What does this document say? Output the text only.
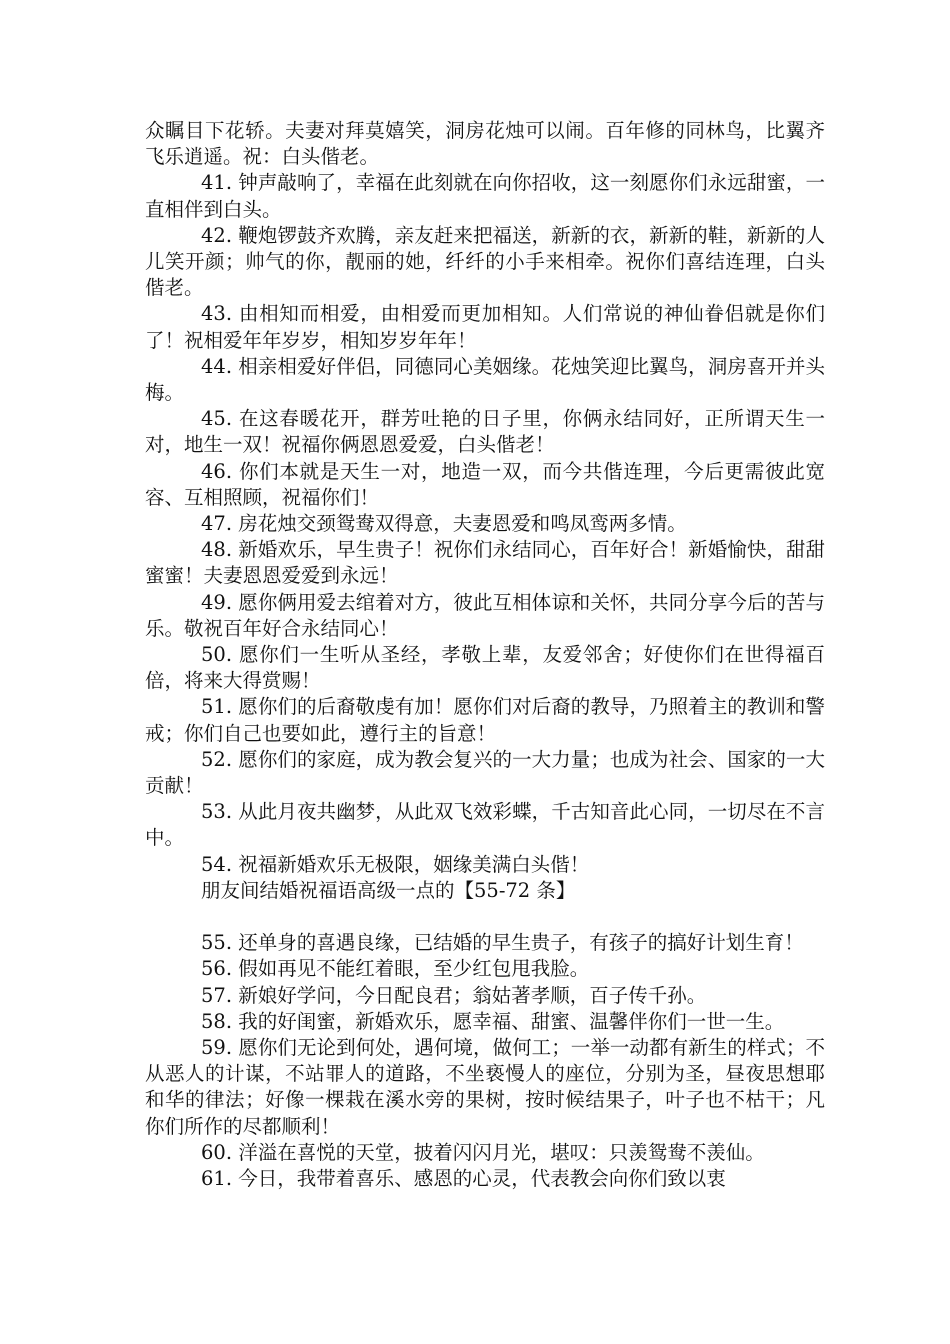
众瞩目下花轿。夫妻对拜莫嬉笑，洞房花烛可以闹。百年修的同林鸟，比翼齐飞乐逍遥。祝：白头偕老。

41. 钟声敲响了，幸福在此刻就在向你招收，这一刻愿你们永远甜蜜，一直相伴到白头。

42. 鞭炮锣鼓齐欢腾，亲友赶来把福送，新新的衣，新新的鞋，新新的人儿笑开颜；帅气的你，靓丽的她，纤纤的小手来相牵。祝你们喜结连理，白头偕老。

43. 由相知而相爱，由相爱而更加相知。人们常说的神仙眷侣就是你们了！祝相爱年年岁岁，相知岁岁年年！

44. 相亲相爱好伴侣，同德同心美姻缘。花烛笑迎比翼鸟，洞房喜开并头梅。

45. 在这春暖花开，群芳吐艳的日子里，你俩永结同好，正所谓天生一对，地生一双！祝福你俩恩恩爱爱，白头偕老！

46. 你们本就是天生一对，地造一双，而今共偕连理，今后更需彼此宽容、互相照顾，祝福你们！

47. 房花烛交颈鸳鸯双得意，夫妻恩爱和鸣凤鸾两多情。

48. 新婚欢乐，早生贵子！祝你们永结同心，百年好合！新婚愉快，甜甜蜜蜜！夫妻恩恩爱爱到永远！

49. 愿你俩用爱去绾着对方，彼此互相体谅和关怀，共同分享今后的苦与乐。敬祝百年好合永结同心！

50. 愿你们一生听从圣经，孝敬上辈，友爱邻舍；好使你们在世得福百倍，将来大得赏赐！

51. 愿你们的后裔敬虔有加！愿你们对后裔的教导，乃照着主的教训和警戒；你们自己也要如此，遵行主的旨意！

52. 愿你们的家庭，成为教会复兴的一大力量；也成为社会、国家的一大贡献！

53. 从此月夜共幽梦，从此双飞效彩蝶，千古知音此心同，一切尽在不言中。

54. 祝福新婚欢乐无极限，姻缘美满白头偕！

朋友间结婚祝福语高级一点的【55-72 条】

55. 还单身的喜遇良缘，已结婚的早生贵子，有孩子的搞好计划生育！

56. 假如再见不能红着眼，至少红包甩我脸。

57. 新娘好学问，今日配良君；翁姑著孝顺，百子传千孙。

58. 我的好闺蜜，新婚欢乐，愿幸福、甜蜜、温馨伴你们一世一生。

59. 愿你们无论到何处，遇何境，做何工；一举一动都有新生的样式；不从恶人的计谋，不站罪人的道路，不坐亵慢人的座位，分别为圣，昼夜思想耶和华的律法；好像一棵栽在溪水旁的果树，按时候结果子，叶子也不枯干；凡你们所作的尽都顺利！

60. 洋溢在喜悦的天堂，披着闪闪月光，堪叹：只羡鸳鸯不羡仙。

61. 今日，我带着喜乐、感恩的心灵，代表教会向你们致以衷
